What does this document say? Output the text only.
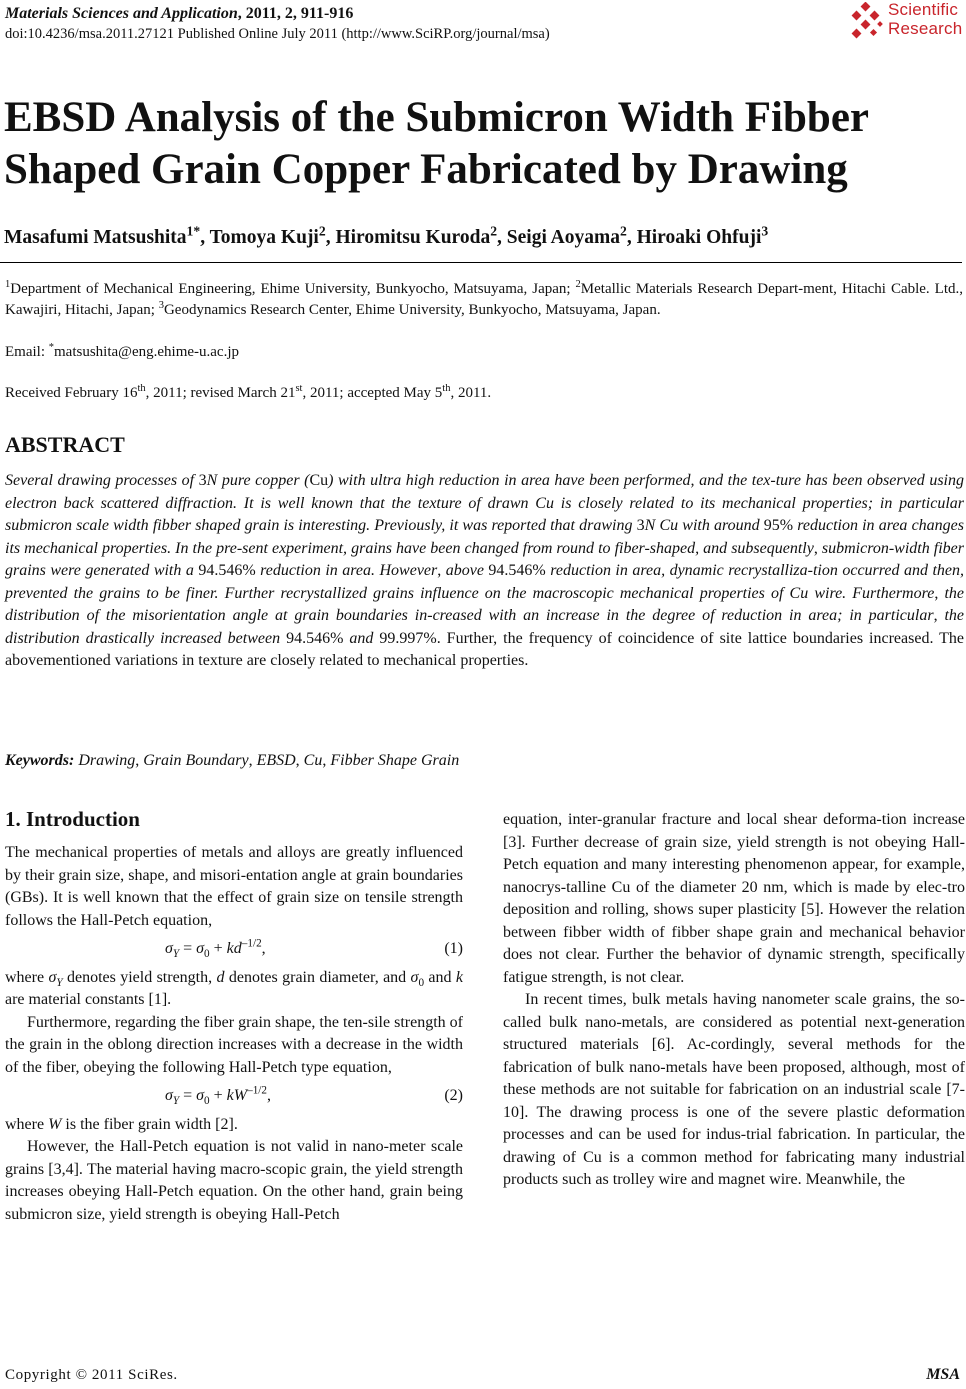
Materials Sciences and Application, 2011, 2, 911-916
doi:10.4236/msa.2011.27121 Published Online July 2011 (http://www.SciRP.org/journal/msa)
Scientific
Research
EBSD Analysis of the Submicron Width Fibber Shaped Grain Copper Fabricated by Drawing
Masafumi Matsushita$^{1*}$, Tomoya Kuji$^2$, Hiromitsu Kuroda$^2$, Seigi Aoyama$^2$, Hiroaki Ohfuji$^3$
$^1$Department of Mechanical Engineering, Ehime University, Bunkyocho, Matsuyama, Japan; $^2$Metallic Materials Research Depart-ment, Hitachi Cable. Ltd., Kawajiri, Hitachi, Japan; $^3$Geodynamics Research Center, Ehime University, Bunkyocho, Matsuyama, Japan.
Email: *matsushita@eng.ehime-u.ac.jp
Received February 16th, 2011; revised March 21st, 2011; accepted May 5th, 2011.
ABSTRACT

Several drawing processes of 3N pure copper (Cu) with ultra high reduction in area have been performed, and the tex-ture has been observed using electron back scattered diffraction. It is well known that the texture of drawn Cu is closely related to its mechanical properties; in particular submicron scale width fibber shaped grain is interesting. Previously, it was reported that drawing 3N Cu with around 95% reduction in area changes its mechanical properties. In the pre-sent experiment, grains have been changed from round to fiber-shaped, and subsequently, submicron-width fiber grains were generated with a 94.546% reduction in area. However, above 94.546% reduction in area, dynamic recrystalliza-tion occurred and then, prevented the grains to be finer. Further recrystallized grains influence on the macroscopic mechanical properties of Cu wire. Furthermore, the distribution of the misorientation angle at grain boundaries in-creased with an increase in the degree of reduction in area; in particular, the distribution drastically increased between 94.546% and 99.997%. Further, the frequency of coincidence of site lattice boundaries increased. The abovementioned variations in texture are closely related to mechanical properties.

Keywords: Drawing, Grain Boundary, EBSD, Cu, Fibber Shape Grain
1. Introduction

The mechanical properties of metals and alloys are greatly influenced by their grain size, shape, and misori-entation angle at grain boundaries (GBs). It is well known that the effect of grain size on tensile strength follows the Hall-Petch equation,

$\sigma_Y = \sigma_0 + kd^{-1/2}$,	(1)

where $\sigma_Y$ denotes yield strength, d denotes grain diameter, and $\sigma_0$ and k are material constants [1].

Furthermore, regarding the fiber grain shape, the ten-sile strength of the grain in the oblong direction increases with a decrease in the width of the fiber, obeying the following Hall-Petch type equation,

$\sigma_Y = \sigma_0 + kW^{-1/2}$,	(2)

where W is the fiber grain width [2].

However, the Hall-Petch equation is not valid in nano-meter scale grains [3,4]. The material having macro-scopic grain, the yield strength increases obeying Hall-Petch equation. On the other hand, grain being submicron size, yield strength is obeying Hall-Petch

equation, inter-granular fracture and local shear deforma-tion increase [3]. Further decrease of grain size, yield strength is not obeying Hall-Petch equation and many interesting phenomenon appear, for example, nanocrys-talline Cu of the diameter 20 nm, which is made by elec-tro deposition and rolling, shows super plasticity [5]. However the relation between fibber width of fibber shape grain and mechanical behavior does not clear. Further the behavior of dynamic strength, specifically fatigue strength, is not clear.

In recent times, bulk metals having nanometer scale grains, the so-called bulk nano-metals, are considered as potential next-generation structured materials [6]. Ac-cordingly, several methods for the fabrication of bulk nano-metals have been proposed, although, most of these methods are not suitable for fabrication on an industrial scale [7-10]. The drawing process is one of the severe plastic deformation processes and can be used for indus-trial fabrication. In particular, the drawing of Cu is a common method for fabricating many industrial products such as trolley wire and magnet wire. Meanwhile, the

Copyright © 2011 SciRes.	MSA
